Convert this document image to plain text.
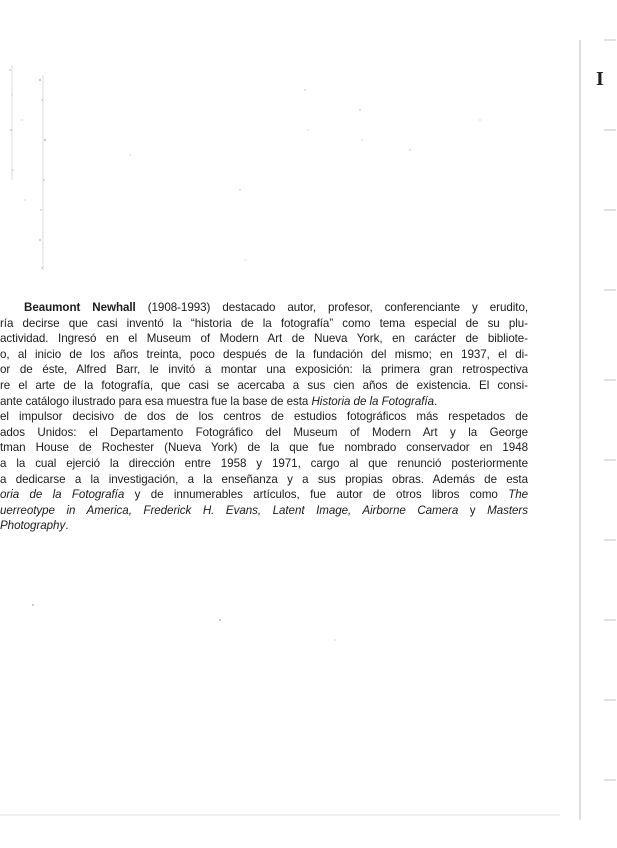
I
Beaumont Newhall (1908-1993) destacado autor, profesor, conferenciante y erudito,
ría decirse que casi inventó la “historia de la fotografía” como tema especial de su plu-
actividad. Ingresó en el Museum of Modern Art de Nueva York, en carácter de bibliote-
o, al inicio de los años treinta, poco después de la fundación del mismo; en 1937, el di-
or de éste, Alfred Barr, le invitó a montar una exposición: la primera gran retrospectiva
re el arte de la fotografía, que casi se acercaba a sus cien años de existencia. El consi-
ante catálogo ilustrado para esa muestra fue la base de esta Historia de la Fotografía.
el impulsor decisivo de dos de los centros de estudios fotográficos más respetados de
ados Unidos: el Departamento Fotográfico del Museum of Modern Art y la George
tman House de Rochester (Nueva York) de la que fue nombrado conservador en 1948
a la cual ejerció la dirección entre 1958 y 1971, cargo al que renunció posteriormente
a dedicarse a la investigación, a la enseñanza y a sus propias obras. Además de esta
oria de la Fotografía y de innumerables artículos, fue autor de otros libros como The
uerreotype in America, Frederick H. Evans, Latent Image, Airborne Camera y Masters
Photography.
